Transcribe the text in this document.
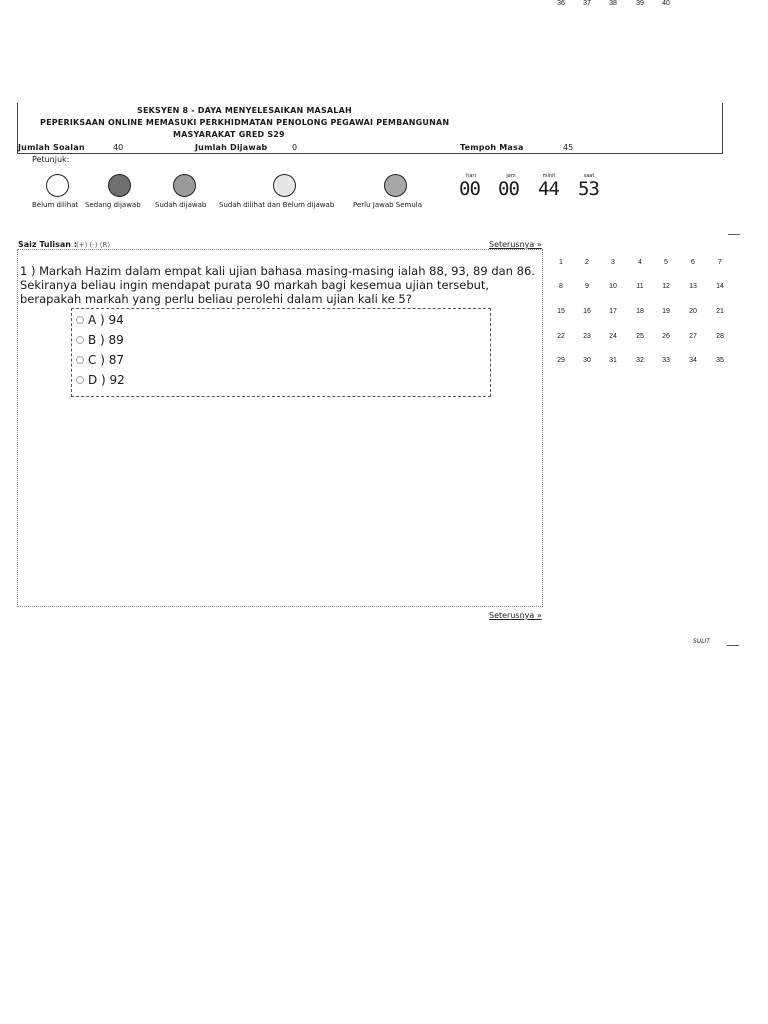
SEKSYEN 8 - DAYA MENYELESAIKAN MASALAH
PEPERIKSAAN ONLINE MEMASUKI PERKHIDMATAN PENOLONG PEGAWAI PEMBANGUNAN
MASYARAKAT GRED S29
Jumlah Soalan	40	Jumlah Dijawab	0	Tempoh Masa	45
Petunjuk:
Belum dilihat Sedang dijawab Sudah dijawab Sudah dilihat dan Belum dijawab	Perlu Jawab Semula
hari	jam	minit	saat
00 00 44 53
Saiz Tulisan : (+) (-) (R)	Seterusnya »
1 ) Markah Hazim dalam empat kali ujian bahasa masing-masing ialah 88, 93, 89 dan 86. Sekiranya beliau ingin mendapat purata 90 markah bagi kesemua ujian tersebut, berapakah markah yang perlu beliau perolehi dalam ujian kali ke 5?
A ) 94
B ) 89
C ) 87
D ) 92
Seterusnya »
1	2	3	4	5	6	7
8	9	10	11	12	13	14
15	16	17	18	19	20	21
22	23	24	25	26	27	28
29	30	31	32	33	34	35
36	37	38	39	40
SULIT
